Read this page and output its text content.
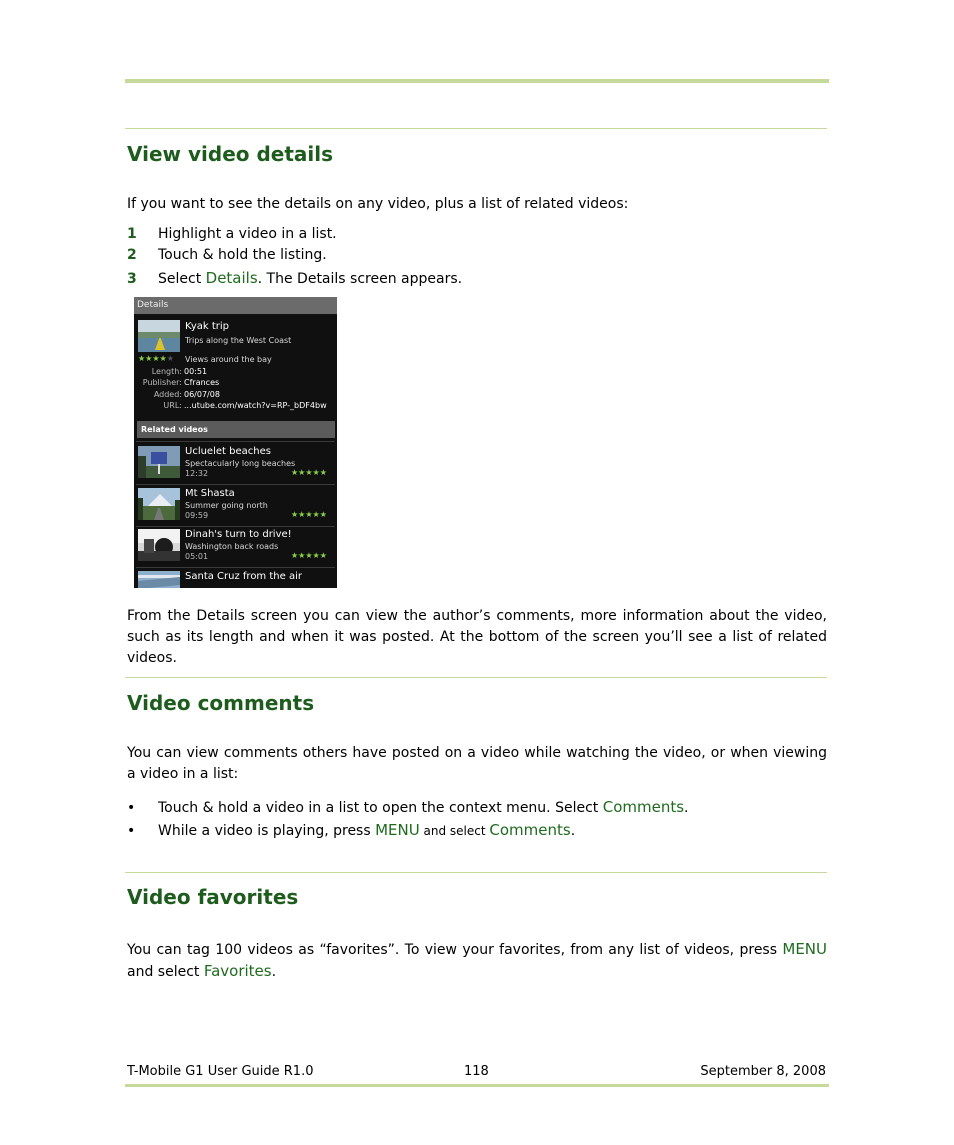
View video details

If you want to see the details on any video, plus a list of related videos:

1 Highlight a video in a list.
2 Touch & hold the listing.
3 Select Details. The Details screen appears.
Details
Kyak trip
Trips along the West Coast
★★★★★ Views around the bay
Length: 00:51
Publisher: Cfrances
Added: 06/07/08
URL: ...utube.com/watch?v=RP-_bDF4bw
Related videos
Ucluelet beaches
Spectacularly long beaches
12:32	★★★★★
Mt Shasta
Summer going north
09:59	★★★★★
Dinah's turn to drive!
Washington back roads
05:01	★★★★★
Santa Cruz from the air

From the Details screen you can view the author’s comments, more information about the video, such as its length and when it was posted. At the bottom of the screen you’ll see a list of related videos.

Video comments

You can view comments others have posted on a video while watching the video, or when viewing a video in a list:

• Touch & hold a video in a list to open the context menu. Select Comments.
• While a video is playing, press MENU and select Comments.
Video favorites

You can tag 100 videos as “favorites”. To view your favorites, from any list of videos, press MENU and select Favorites.

T-Mobile G1 User Guide R1.0	118	September 8, 2008
